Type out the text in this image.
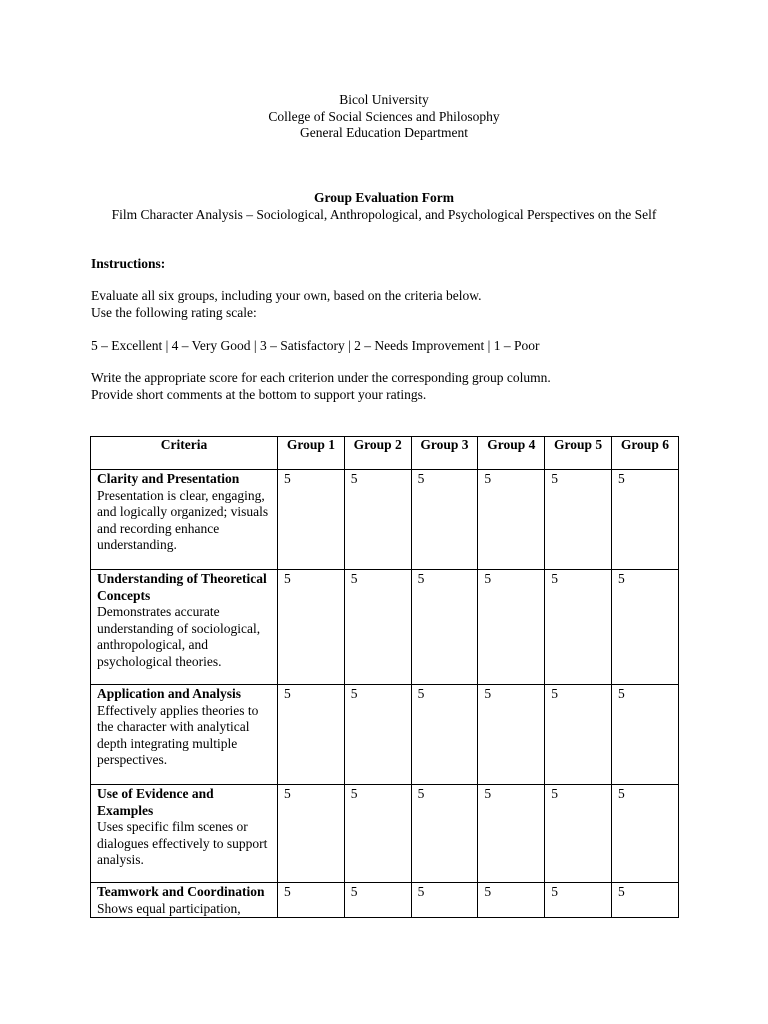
Bicol University
College of Social Sciences and Philosophy
General Education Department
Group Evaluation Form
Film Character Analysis – Sociological, Anthropological, and Psychological Perspectives on the Self
Instructions:
Evaluate all six groups, including your own, based on the criteria below.
Use the following rating scale:
5 – Excellent | 4 – Very Good | 3 – Satisfactory | 2 – Needs Improvement | 1 – Poor
Write the appropriate score for each criterion under the corresponding group column.
Provide short comments at the bottom to support your ratings.
Criteria	Group 1	Group 2	Group 3	Group 4	Group 5	Group 6

Clarity and Presentation
Presentation is clear, engaging, and logically organized; visuals and recording enhance understanding.	5	5	5	5	5	5

Understanding of Theoretical Concepts
Demonstrates accurate understanding of sociological, anthropological, and psychological theories.	5	5	5	5	5	5

Application and Analysis
Effectively applies theories to the character with analytical depth integrating multiple perspectives.	5	5	5	5	5	5

Use of Evidence and Examples
Uses specific film scenes or dialogues effectively to support analysis.	5	5	5	5	5	5

Teamwork and Coordination
Shows equal participation,	5	5	5	5	5	5
